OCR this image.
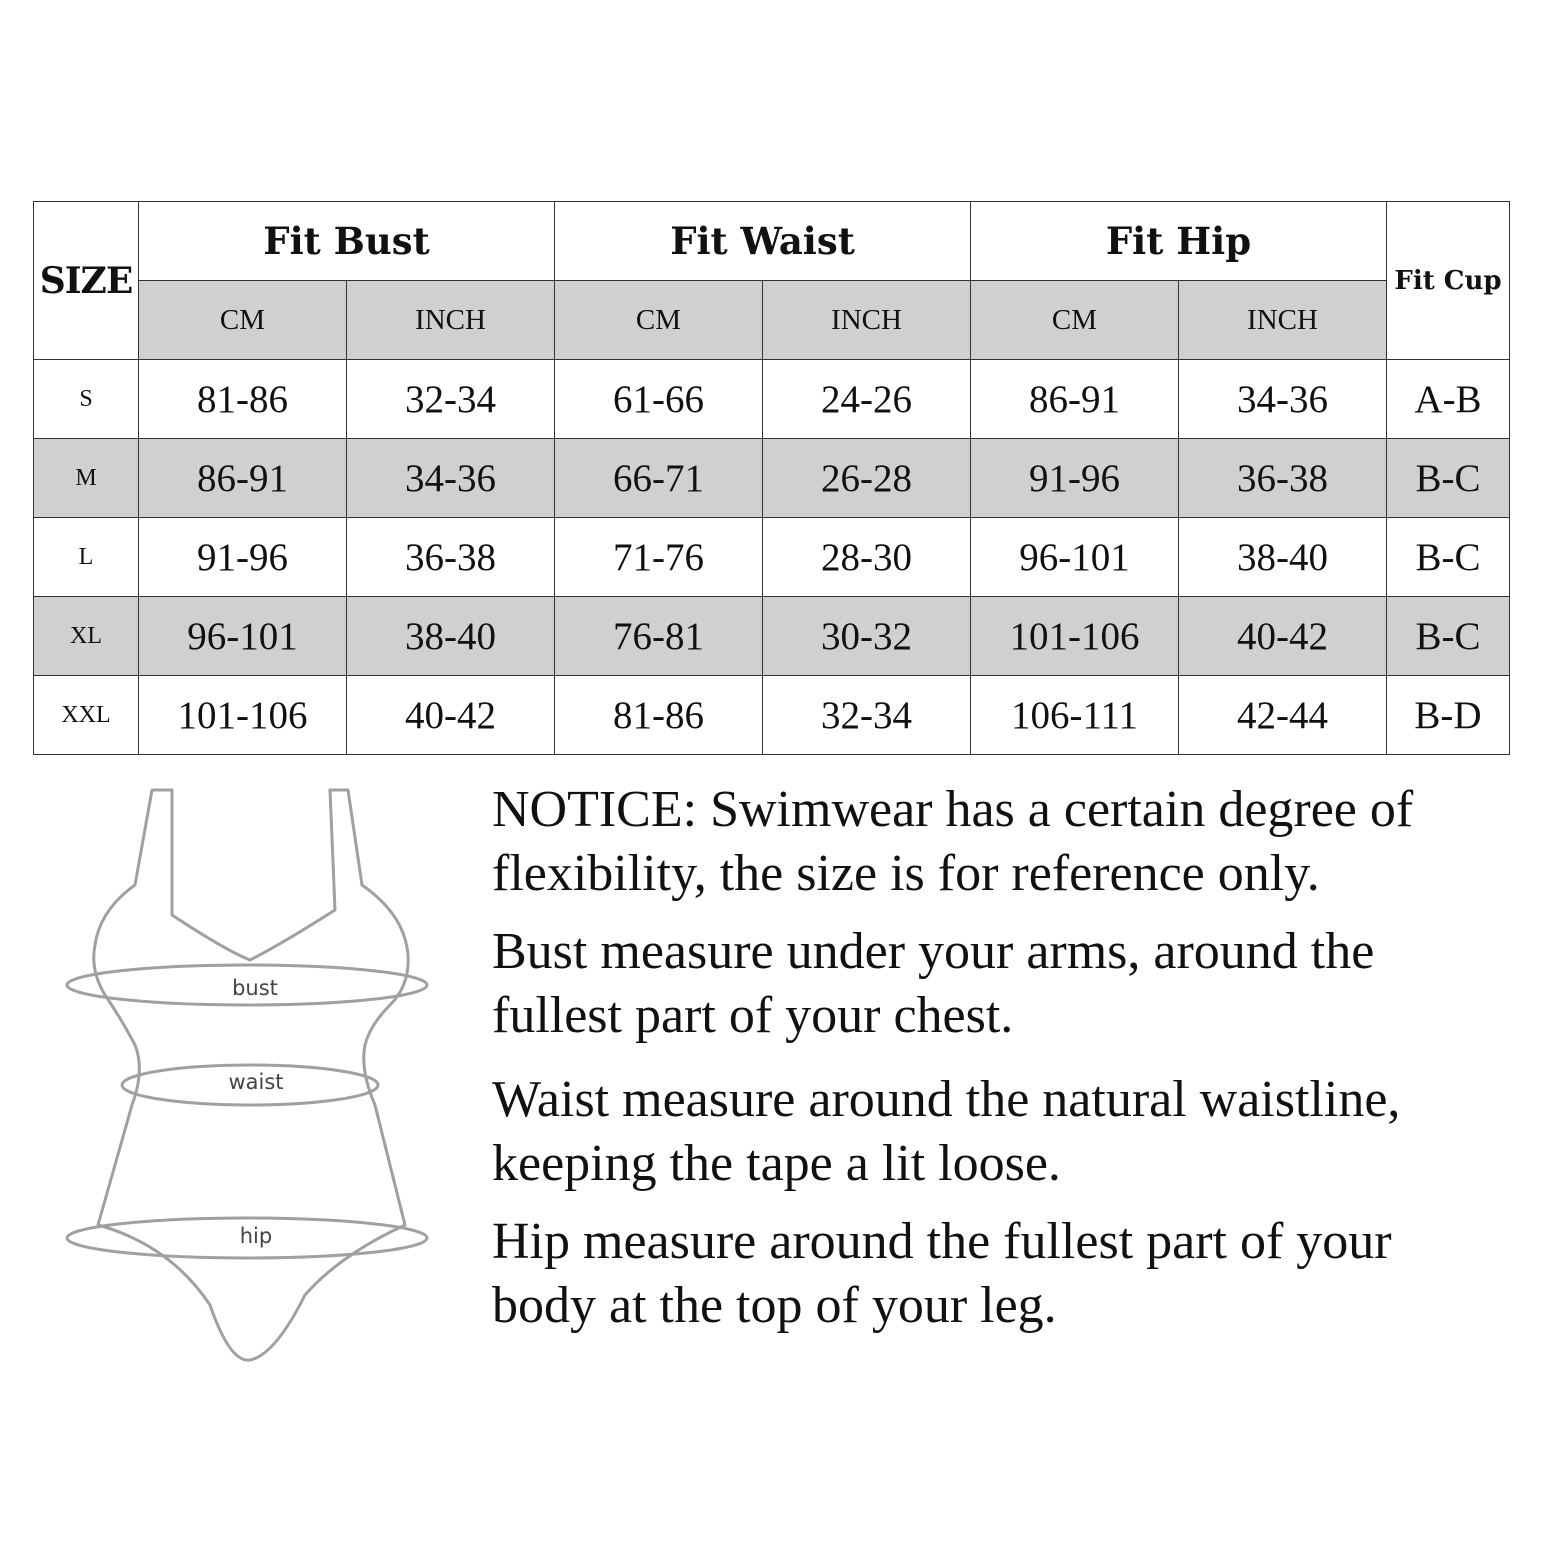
SIZE	Fit Bust		Fit Waist		Fit Hip		Fit Cup
	CM	INCH	CM	INCH	CM	INCH	
S	81-86	32-34	61-66	24-26	86-91	34-36	A-B
M	86-91	34-36	66-71	26-28	91-96	36-38	B-C
L	91-96	36-38	71-76	28-30	96-101	38-40	B-C
XL	96-101	38-40	76-81	30-32	101-106	40-42	B-C
XXL	101-106	40-42	81-86	32-34	106-111	42-44	B-D
bust
waist
hip

NOTICE: Swimwear has a certain degree of flexibility, the size is for reference only.

Bust measure under your arms, around the fullest part of your chest.

Waist measure around the natural waistline, keeping the tape a lit loose.

Hip measure around the fullest part of your body at the top of your leg.
